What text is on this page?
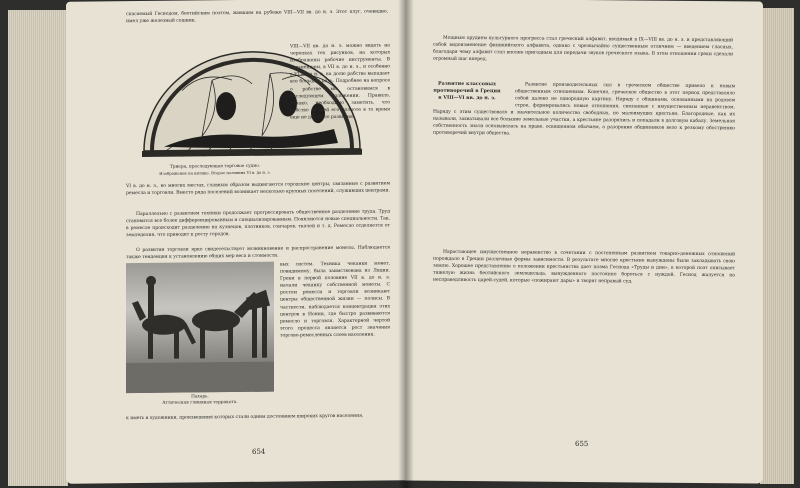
спасаемый Гесиодом, беотийским поэтом, жившим на рубеже VIII—VII вв. до н. э. Этот плуг, очевидно, имел уже железный сошник.
VIII—VII вв. до н. э. можно видеть на черепках тех рисунков, на которых изображены рабочие инструменты. В дальнейшем, в VII в. до н. э., и особенно в VI в. до н. э. на долю рабства выпадает все большая роль. Подробнее на вопросе о рабстве мы остановимся в последующем изложении. Правило, однако, необходимо заметить, что рабство во всей его полноте в то время еще не достигло развития.
Триера, преследующая торговое судно.
Изображение на килике. Второе половина VI в. до н. э.
VI в. до н. э., во многих местах, главным образом выдвигаются городские центры, связанные с развитием ремесла и торговли. Вместо ряда поселений возникает несколько крупных поселений, служивших центрами.
Параллельно с развитием техники продолжает прогрессировать общественное разделение труда. Труд становится все более дифференцированным и специализированным. Появляются новые специальности. Так, в ремесле происходит разделение на кузнецов, плотников, гончаров, ткачей и т. д. Ремесло отделяется от земледелия, что приводит к росту городов.
О развитии торговли ярко свидетельствует возникновение и распространение монеты. Наблюдается также тенденция к установлению общих мер веса и стоимости.
Пахарь.
Аттическая глиняная терракота.
вых систем. Техника чеканки монет, повидимому, была заимствована из Лидии. Греки в первой половине VII в. до н. э. начали чеканку собственной монеты. С ростом ремесла и торговли возникают центры общественной жизни — полисы. В частности, наблюдается концентрация этих центров в Ионии, где быстро развиваются ремесло и торговля. Характерной чертой этого процесса является рост значения торгово-ремесленных слоев населения.
к иметь в художники, произведения которых стали одним достоянием широких кругов населения.
654
Мощным орудием культурного прогресса стал греческий алфавит, вводимый в IX—VIII вв. до н. э. и представляющий собой видоизменение финикийского алфавита, однако с чрезвычайно существенным отличием — введением гласных, благодаря чему алфавит стал вполне пригодным для передачи звуков греческого языка. В этом отношении греки сделали огромный шаг вперед.
Развитие классовых
противоречий в Греции
в VIII—VI вв. до н. э.
Развитие производительных сил в греческом обществе привело к новым общественным отношениям. Конечно, греческое общество в этот период представляло собой далеко не однородную картину. Наряду с общинами, основанными на родовом строе, формировались новые отношения, связанные с имущественным неравенством.
Наряду с этим существовало и значительное количество свободных, но малоимущих крестьян. Благородные, как их называли, захватывали все большие земельные участки, а крестьяне разорялись и попадали в долговую кабалу. Земельная собственность знати основывалась на праве, освященном обычаем, а разорение общинников вело к резкому обострению противоречий внутри общества.
Нарастающее имущественное неравенство в сочетании с постепенным развитием товарно-денежных отношений порождало в Греции различные формы зависимости. В результате многие крестьяне вынуждены были закладывать свою землю. Хорошее представление о положении крестьянства дает поэма Гесиода «Труды и дни», в которой поэт описывает тяжелую жизнь беотийского земледельца, вынужденного постоянно бороться с нуждой. Гесиод жалуется на несправедливость царей-судей, которые «пожирают дары» и творят неправый суд.
655
